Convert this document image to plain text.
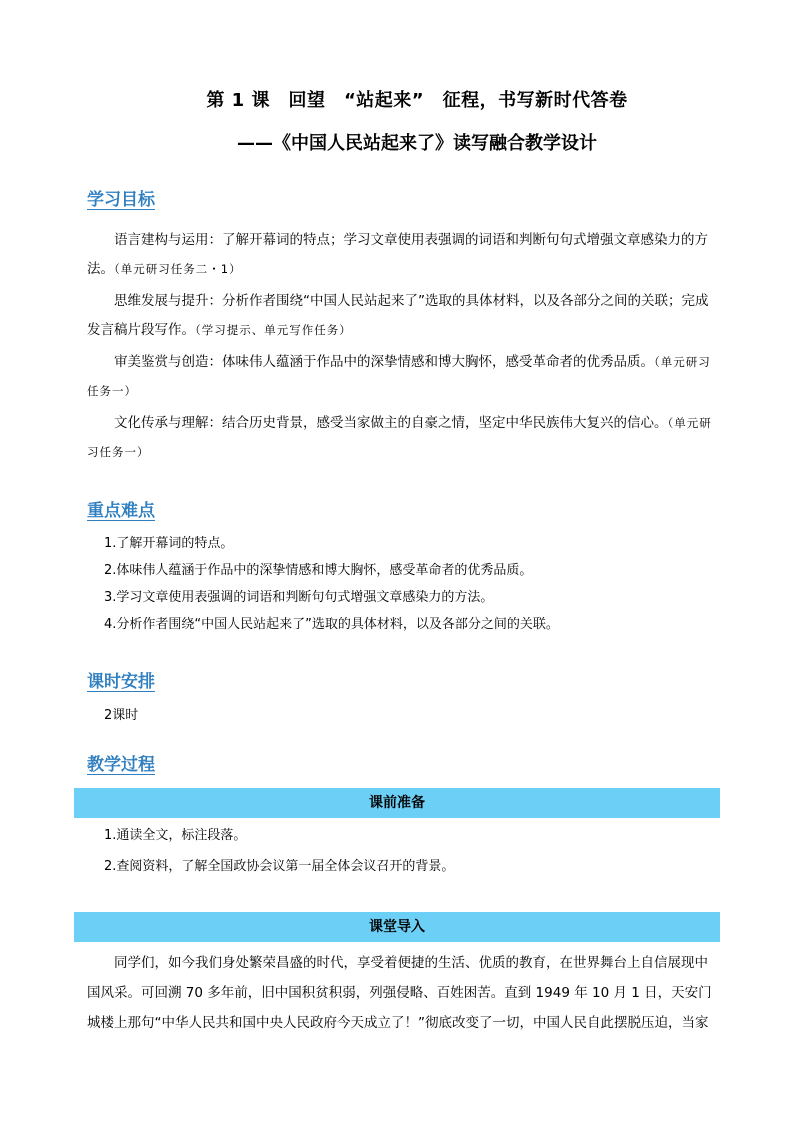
第 1 课　回望　“站起来”　征程，书写新时代答卷
——《中国人民站起来了》读写融合教学设计
学习目标
语言建构与运用：了解开幕词的特点；学习文章使用表强调的词语和判断句句式增强文章感染力的方法。（单元研习任务二・1）
思维发展与提升：分析作者围绕“中国人民站起来了”选取的具体材料，以及各部分之间的关联；完成发言稿片段写作。（学习提示、单元写作任务）
审美鉴赏与创造：体味伟人蕴涵于作品中的深挚情感和博大胸怀，感受革命者的优秀品质。（单元研习任务一）
文化传承与理解：结合历史背景，感受当家做主的自豪之情，坚定中华民族伟大复兴的信心。（单元研习任务一）
重点难点
1.了解开幕词的特点。
2.体味伟人蕴涵于作品中的深挚情感和博大胸怀，感受革命者的优秀品质。
3.学习文章使用表强调的词语和判断句句式增强文章感染力的方法。
4.分析作者围绕“中国人民站起来了”选取的具体材料，以及各部分之间的关联。
课时安排
2课时
教学过程
课前准备
1.通读全文，标注段落。
2.查阅资料，了解全国政协会议第一届全体会议召开的背景。
课堂导入
同学们，如今我们身处繁荣昌盛的时代，享受着便捷的生活、优质的教育，在世界舞台上自信展现中国风采。可回溯 70 多年前，旧中国积贫积弱，列强侵略、百姓困苦。直到 1949 年 10 月 1 日，天安门城楼上那句“中华人民共和国中央人民政府今天成立了！”彻底改变了一切，中国人民自此摆脱压迫，当家
